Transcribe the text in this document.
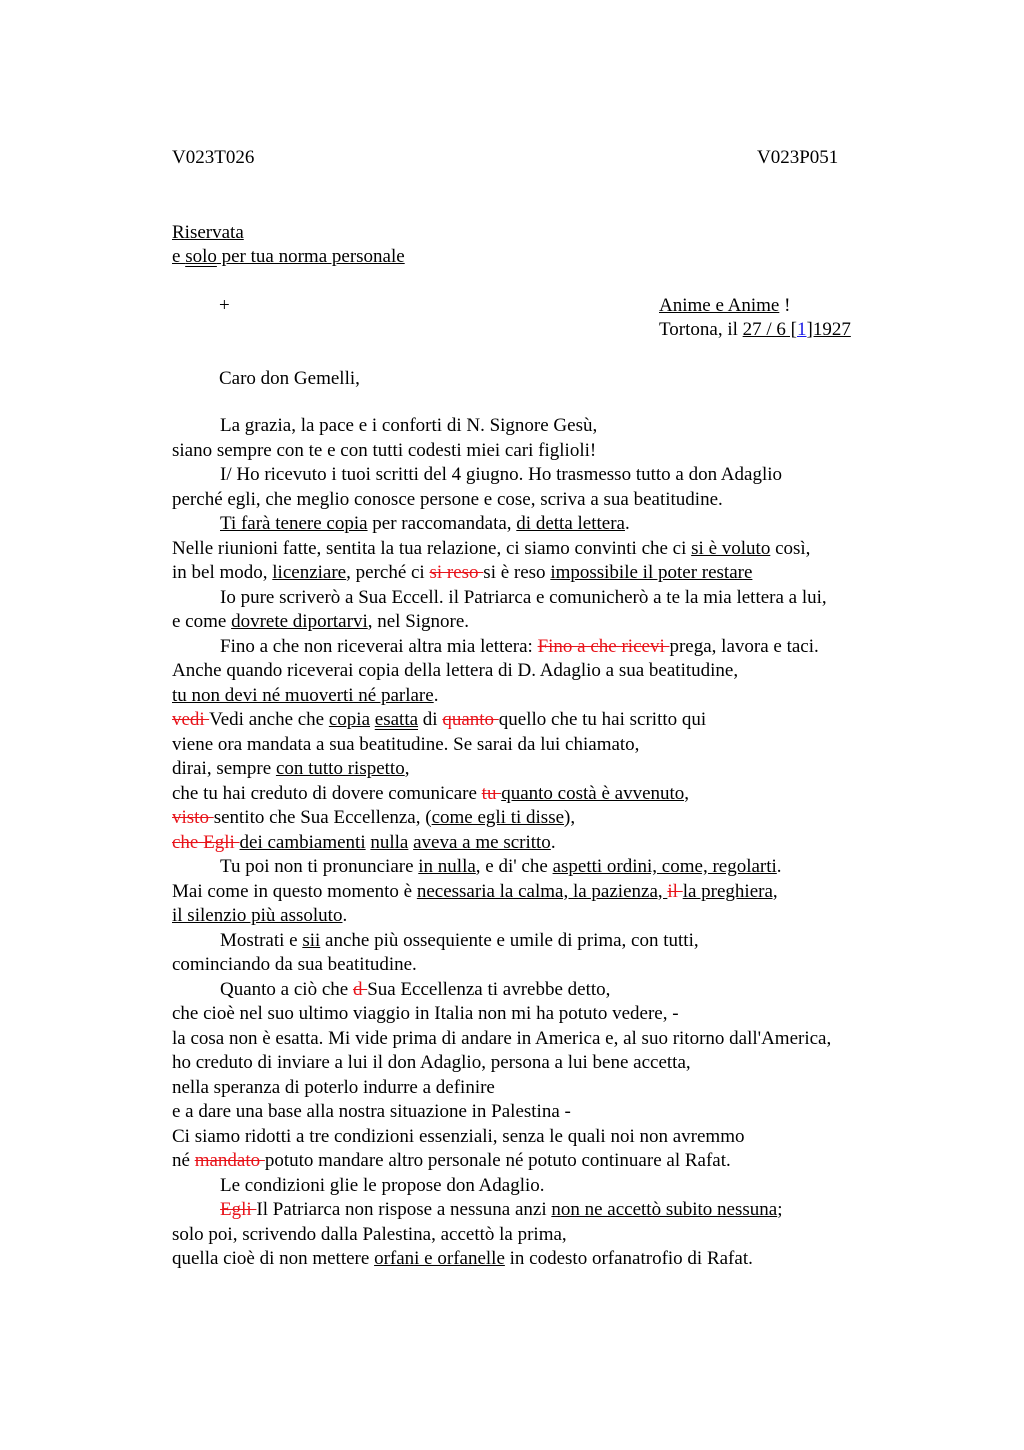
V023T026	V023P051
Riservata
e solo per tua norma personale
+	Anime e Anime !
Tortona, il 27 / 6 [1]1927
Caro don Gemelli,
La grazia, la pace e i conforti di N. Signore Gesù,
siano sempre con te e con tutti codesti miei cari figlioli!
I/ Ho ricevuto i tuoi scritti del 4 giugno. Ho trasmesso tutto a don Adaglio
perché egli, che meglio conosce persone e cose, scriva a sua beatitudine.
Ti farà tenere copia per raccomandata, di detta lettera.
Nelle riunioni fatte, sentita la tua relazione, ci siamo convinti che ci si è voluto così,
in bel modo, licenziare, perché ci si reso si è reso impossibile il poter restare
Io pure scriverò a Sua Eccell. il Patriarca e comunicherò a te la mia lettera a lui,
e come dovrete diportarvi, nel Signore.
Fino a che non riceverai altra mia lettera: Fino a che ricevi prega, lavora e taci.
Anche quando riceverai copia della lettera di D. Adaglio a sua beatitudine,
tu non devi né muoverti né parlare.
vedi Vedi anche che copia esatta di quanto quello che tu hai scritto qui
viene ora mandata a sua beatitudine. Se sarai da lui chiamato,
dirai, sempre con tutto rispetto,
che tu hai creduto di dovere comunicare tu quanto costà è avvenuto,
visto sentito che Sua Eccellenza, (come egli ti disse),
che Egli dei cambiamenti nulla aveva a me scritto.
Tu poi non ti pronunciare in nulla, e di' che aspetti ordini, come, regolarti.
Mai come in questo momento è necessaria la calma, la pazienza, il la preghiera,
il silenzio più assoluto.
Mostrati e sii anche più ossequiente e umile di prima, con tutti,
cominciando da sua beatitudine.
Quanto a ciò che d Sua Eccellenza ti avrebbe detto,
che cioè nel suo ultimo viaggio in Italia non mi ha potuto vedere, -
la cosa non è esatta. Mi vide prima di andare in America e, al suo ritorno dall'America,
ho creduto di inviare a lui il don Adaglio, persona a lui bene accetta,
nella speranza di poterlo indurre a definire
e a dare una base alla nostra situazione in Palestina -
Ci siamo ridotti a tre condizioni essenziali, senza le quali noi non avremmo
né mandato potuto mandare altro personale né potuto continuare al Rafat.
Le condizioni glie le propose don Adaglio.
Egli Il Patriarca non rispose a nessuna anzi non ne accettò subito nessuna;
solo poi, scrivendo dalla Palestina, accettò la prima,
quella cioè di non mettere orfani e orfanelle in codesto orfanatrofio di Rafat.
